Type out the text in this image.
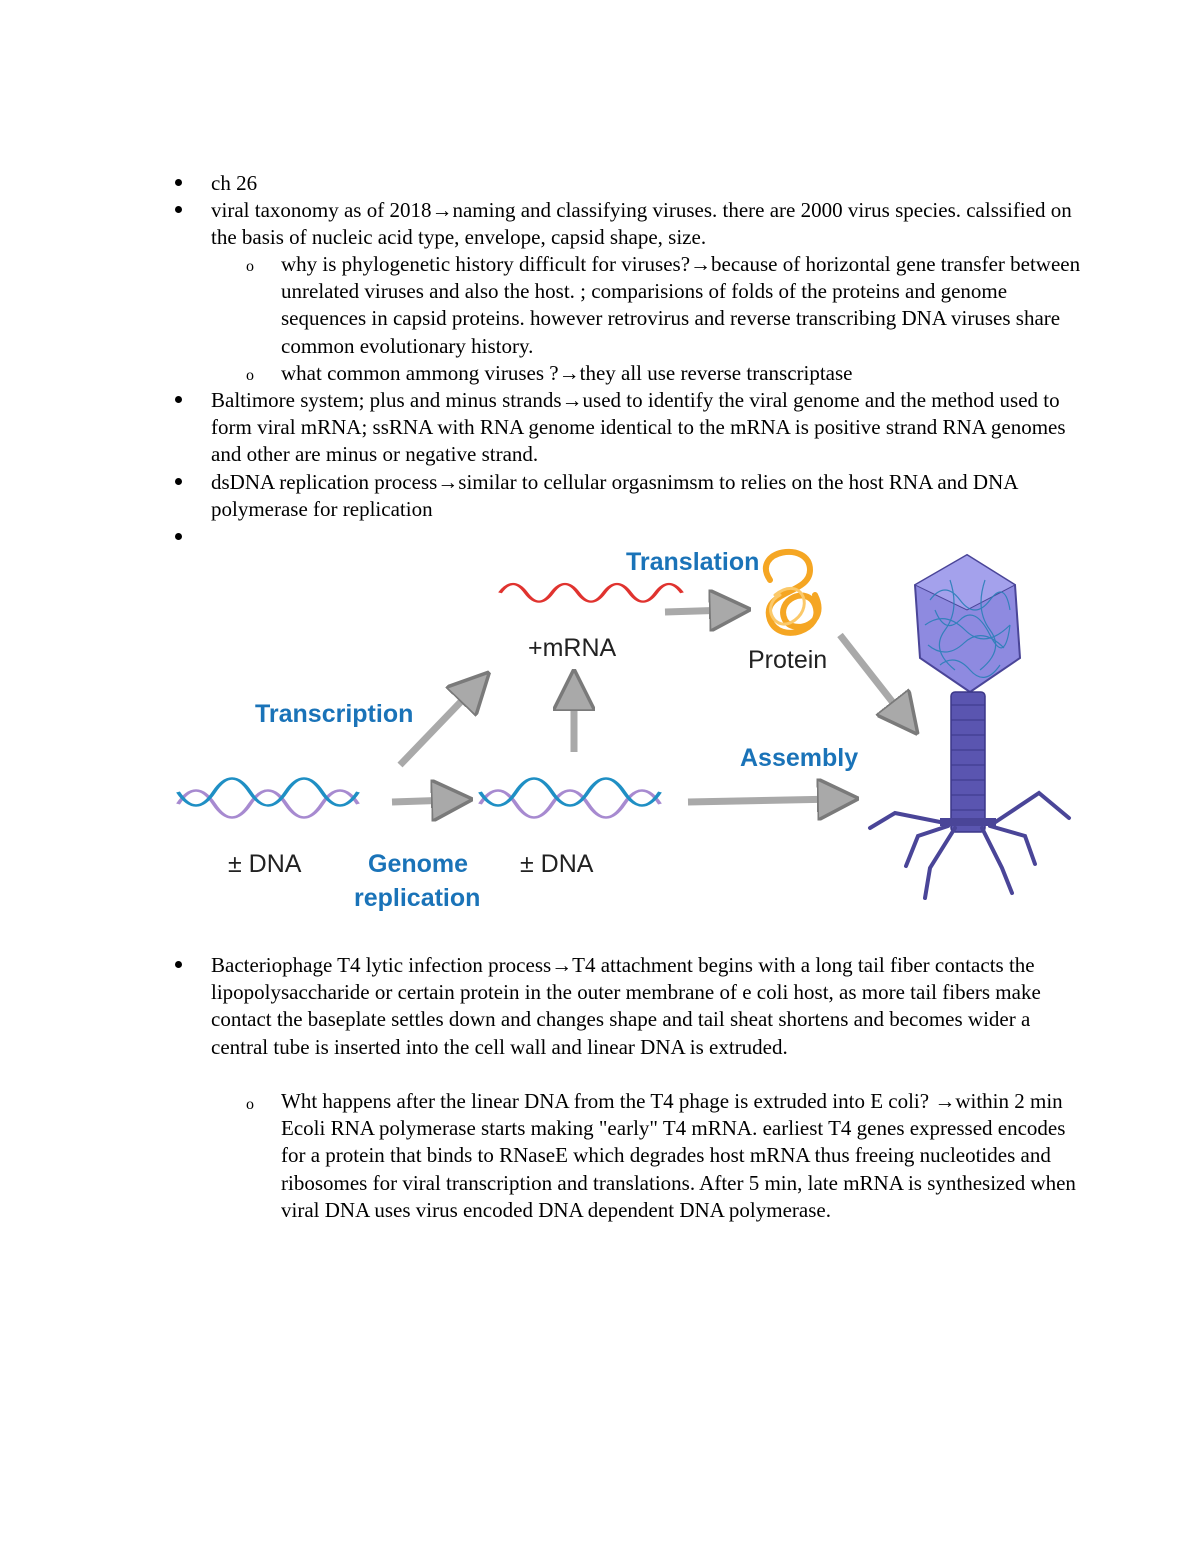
ch 26
viral taxonomy as of 2018→naming and classifying viruses. there are 2000 virus species. calssified on the basis of nucleic acid type, envelope, capsid shape, size.
o why is phylogenetic history difficult for viruses?→because of horizontal gene transfer between unrelated viruses and also the host. ; comparisions of folds of the proteins and genome sequences in capsid proteins. however retrovirus and reverse transcribing DNA viruses share common evolutionary history.
o what common ammong viruses ?→they all use reverse transcriptase
Baltimore system; plus and minus strands→used to identify the viral genome and the method used to form viral mRNA; ssRNA with RNA genome identical to the mRNA is positive strand RNA genomes and other are minus or negative strand.
dsDNA replication process→similar to cellular orgasnimsm to relies on the host RNA and DNA polymerase for replication
Translation
+mRNA	Protein
Transcription
Assembly
± DNA	Genome
replication
± DNA
Bacteriophage T4 lytic infection process→T4 attachment begins with a long tail fiber contacts the lipopolysaccharide or certain protein in the outer membrane of e coli host, as more tail fibers make contact the baseplate settles down and changes shape and tail sheat shortens and becomes wider a central tube is inserted into the cell wall and linear DNA is extruded.
o Wht happens after the linear DNA from the T4 phage is extruded into E coli? →within 2 min Ecoli RNA polymerase starts making "early" T4 mRNA. earliest T4 genes expressed encodes for a protein that binds to RNaseE which degrades host mRNA thus freeing nucleotides and ribosomes for viral transcription and translations. After 5 min, late mRNA is synthesized when viral DNA uses virus encoded DNA dependent DNA polymerase.
